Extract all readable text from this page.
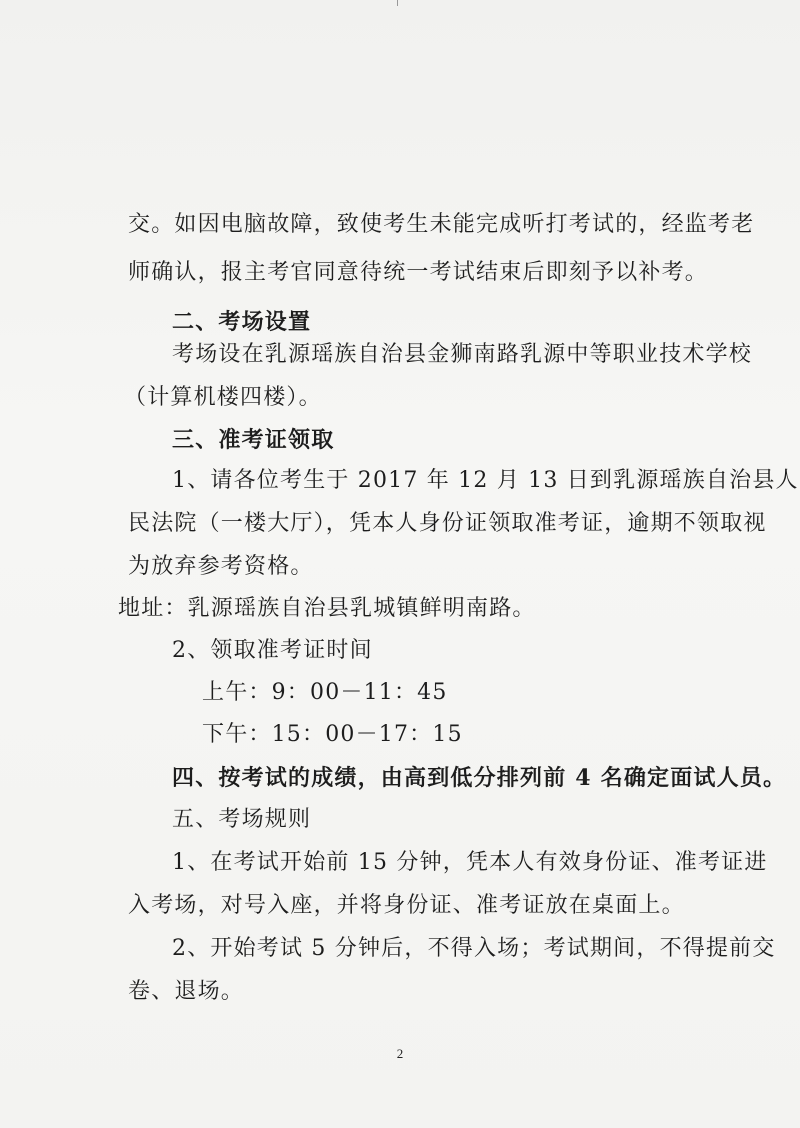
交。如因电脑故障，致使考生未能完成听打考试的，经监考老
师确认，报主考官同意待统一考试结束后即刻予以补考。
二、考场设置
考场设在乳源瑶族自治县金狮南路乳源中等职业技术学校
（计算机楼四楼）。
三、准考证领取
1、请各位考生于 2017 年 12 月 13 日到乳源瑶族自治县人
民法院（一楼大厅），凭本人身份证领取准考证，逾期不领取视
为放弃参考资格。
地址：乳源瑶族自治县乳城镇鲜明南路。
2、领取准考证时间
上午：9：00－11：45
下午：15：00－17：15
四、按考试的成绩，由高到低分排列前 4 名确定面试人员。
五、考场规则
1、在考试开始前 15 分钟，凭本人有效身份证、准考证进
入考场，对号入座，并将身份证、准考证放在桌面上。
2、开始考试 5 分钟后，不得入场；考试期间，不得提前交
卷、退场。
2
